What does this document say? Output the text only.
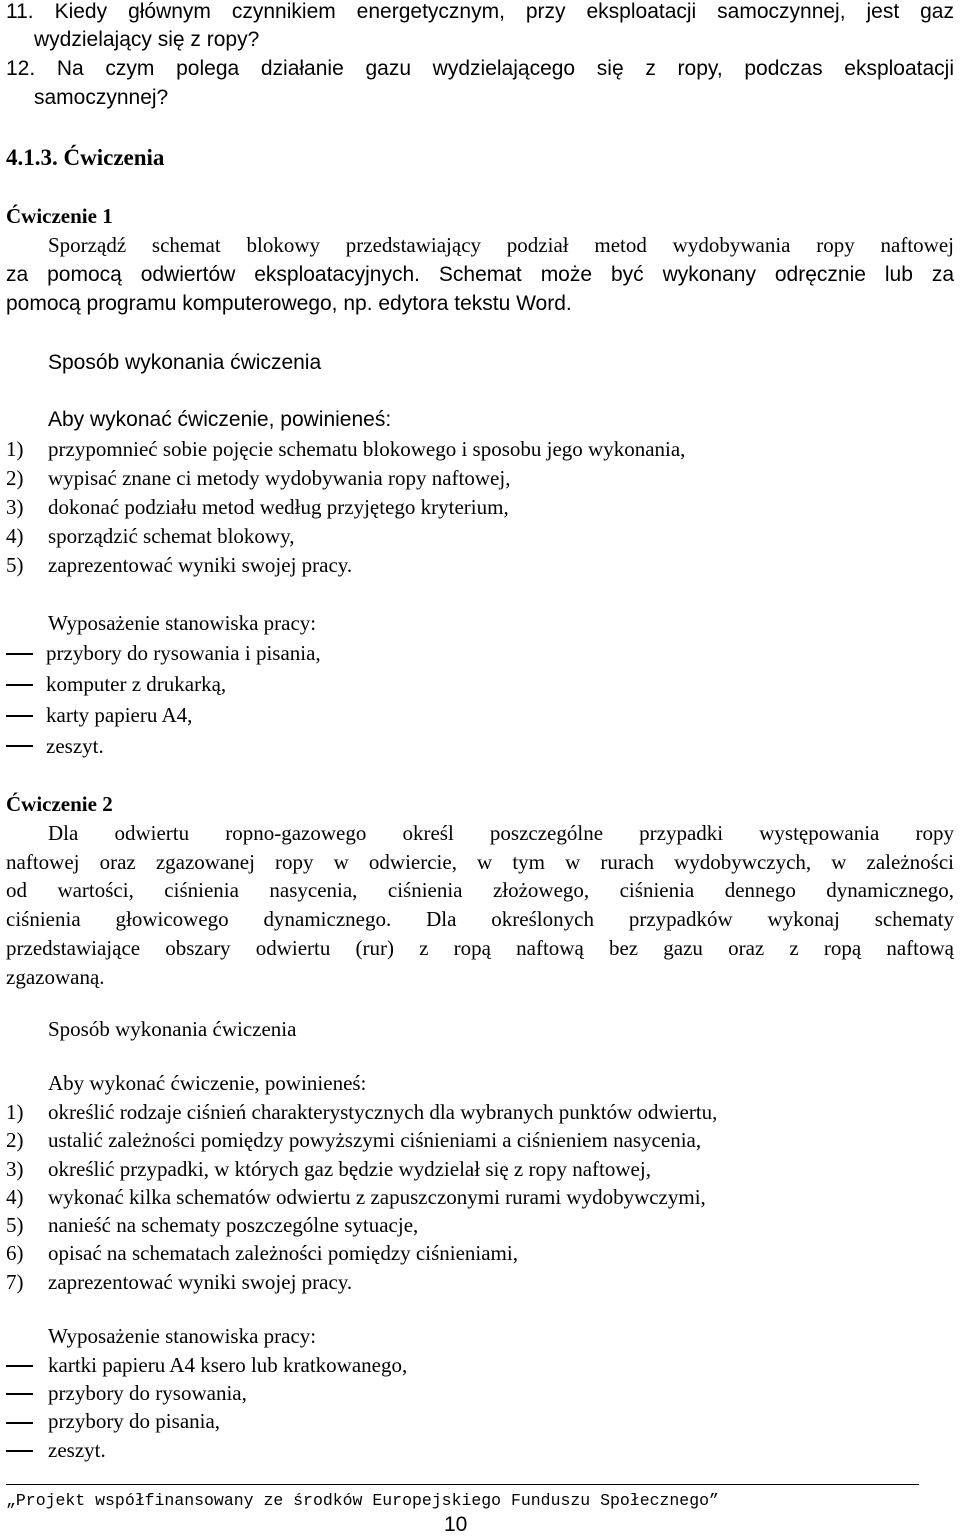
11. Kiedy głównym czynnikiem energetycznym, przy eksploatacji samoczynnej, jest gaz
wydzielający się z ropy?
12. Na czym polega działanie gazu wydzielającego się z ropy, podczas eksploatacji
samoczynnej?
4.1.3. Ćwiczenia
Ćwiczenie 1
Sporządź schemat blokowy przedstawiający podział metod wydobywania ropy naftowej
za pomocą odwiertów eksploatacyjnych. Schemat może być wykonany odręcznie lub za
pomocą programu komputerowego, np. edytora tekstu Word.
Sposób wykonania ćwiczenia
Aby wykonać ćwiczenie, powinieneś:
1) przypomnieć sobie pojęcie schematu blokowego i sposobu jego wykonania,
2) wypisać znane ci metody wydobywania ropy naftowej,
3) dokonać podziału metod według przyjętego kryterium,
4) sporządzić schemat blokowy,
5) zaprezentować wyniki swojej pracy.
Wyposażenie stanowiska pracy:
przybory do rysowania i pisania,
komputer z drukarką,
karty papieru A4,
zeszyt.
Ćwiczenie 2
Dla odwiertu ropno-gazowego określ poszczególne przypadki występowania ropy
naftowej oraz zgazowanej ropy w odwiercie, w tym w rurach wydobywczych, w zależności
od wartości, ciśnienia nasycenia, ciśnienia złożowego, ciśnienia dennego dynamicznego,
ciśnienia głowicowego dynamicznego. Dla określonych przypadków wykonaj schematy
przedstawiające obszary odwiertu (rur) z ropą naftową bez gazu oraz z ropą naftową
zgazowaną.
Sposób wykonania ćwiczenia
Aby wykonać ćwiczenie, powinieneś:
1) określić rodzaje ciśnień charakterystycznych dla wybranych punktów odwiertu,
2) ustalić zależności pomiędzy powyższymi ciśnieniami a ciśnieniem nasycenia,
3) określić przypadki, w których gaz będzie wydzielał się z ropy naftowej,
4) wykonać kilka schematów odwiertu z zapuszczonymi rurami wydobywczymi,
5) nanieść na schematy poszczególne sytuacje,
6) opisać na schematach zależności pomiędzy ciśnieniami,
7) zaprezentować wyniki swojej pracy.
Wyposażenie stanowiska pracy:
kartki papieru A4 ksero lub kratkowanego,
przybory do rysowania,
przybory do pisania,
zeszyt.
„Projekt współfinansowany ze środków Europejskiego Funduszu Społecznego”
10
